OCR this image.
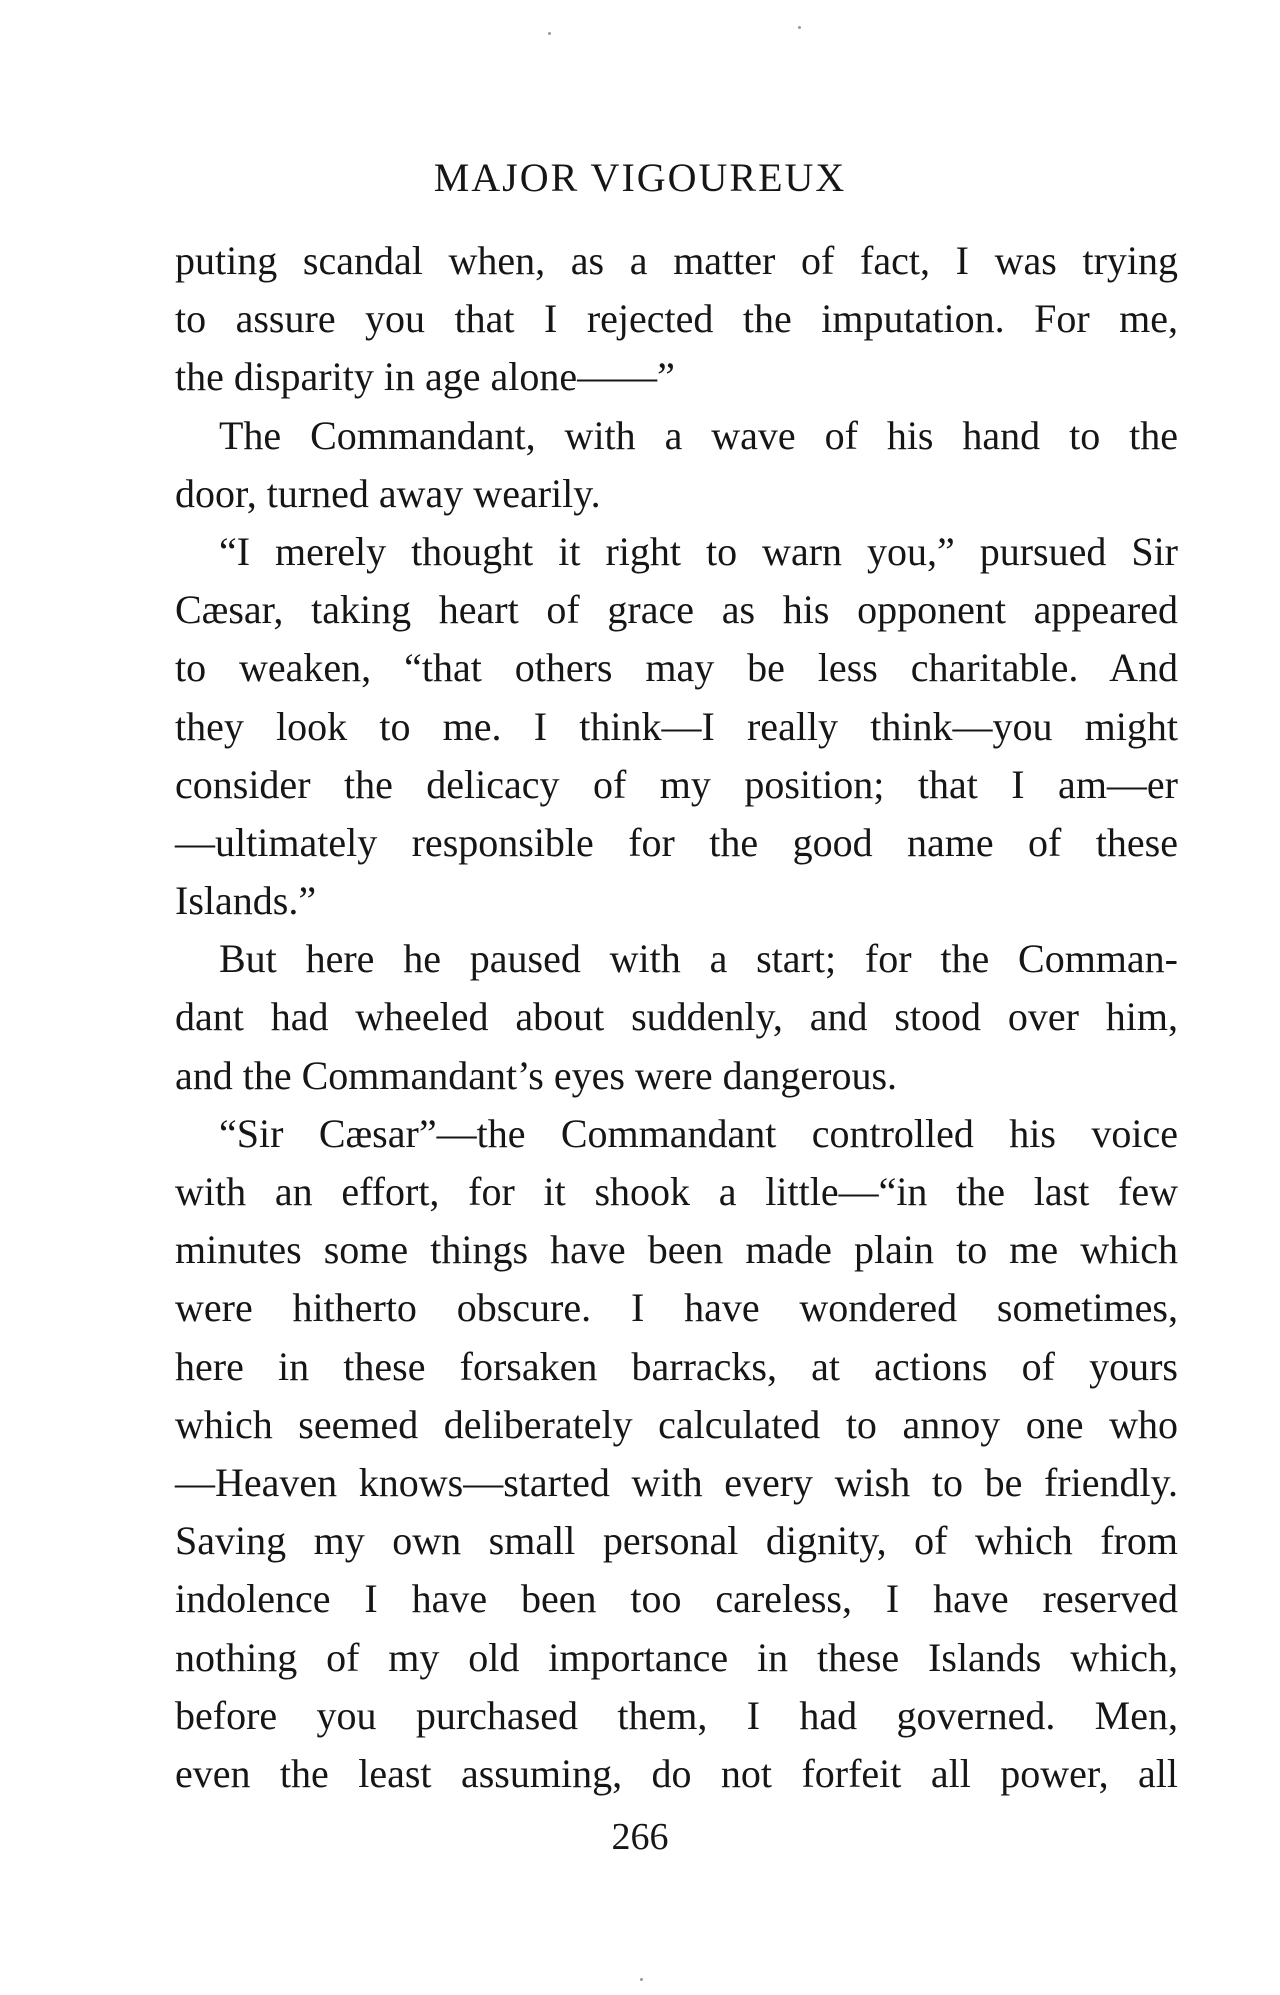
MAJOR VIGOUREUX
puting scandal when, as a matter of fact, I was trying
to assure you that I rejected the imputation. For me,
the disparity in age alone——”
The Commandant, with a wave of his hand to the
door, turned away wearily.
“I merely thought it right to warn you,” pursued Sir
Cæsar, taking heart of grace as his opponent appeared
to weaken, “that others may be less charitable. And
they look to me. I think—I really think—you might
consider the delicacy of my position; that I am—er
—ultimately responsible for the good name of these
Islands.”
But here he paused with a start; for the Comman-
dant had wheeled about suddenly, and stood over him,
and the Commandant’s eyes were dangerous.
“Sir Cæsar”—the Commandant controlled his voice
with an effort, for it shook a little—“in the last few
minutes some things have been made plain to me which
were hitherto obscure. I have wondered sometimes,
here in these forsaken barracks, at actions of yours
which seemed deliberately calculated to annoy one who
—Heaven knows—started with every wish to be friendly.
Saving my own small personal dignity, of which from
indolence I have been too careless, I have reserved
nothing of my old importance in these Islands which,
before you purchased them, I had governed. Men,
even the least assuming, do not forfeit all power, all
266
